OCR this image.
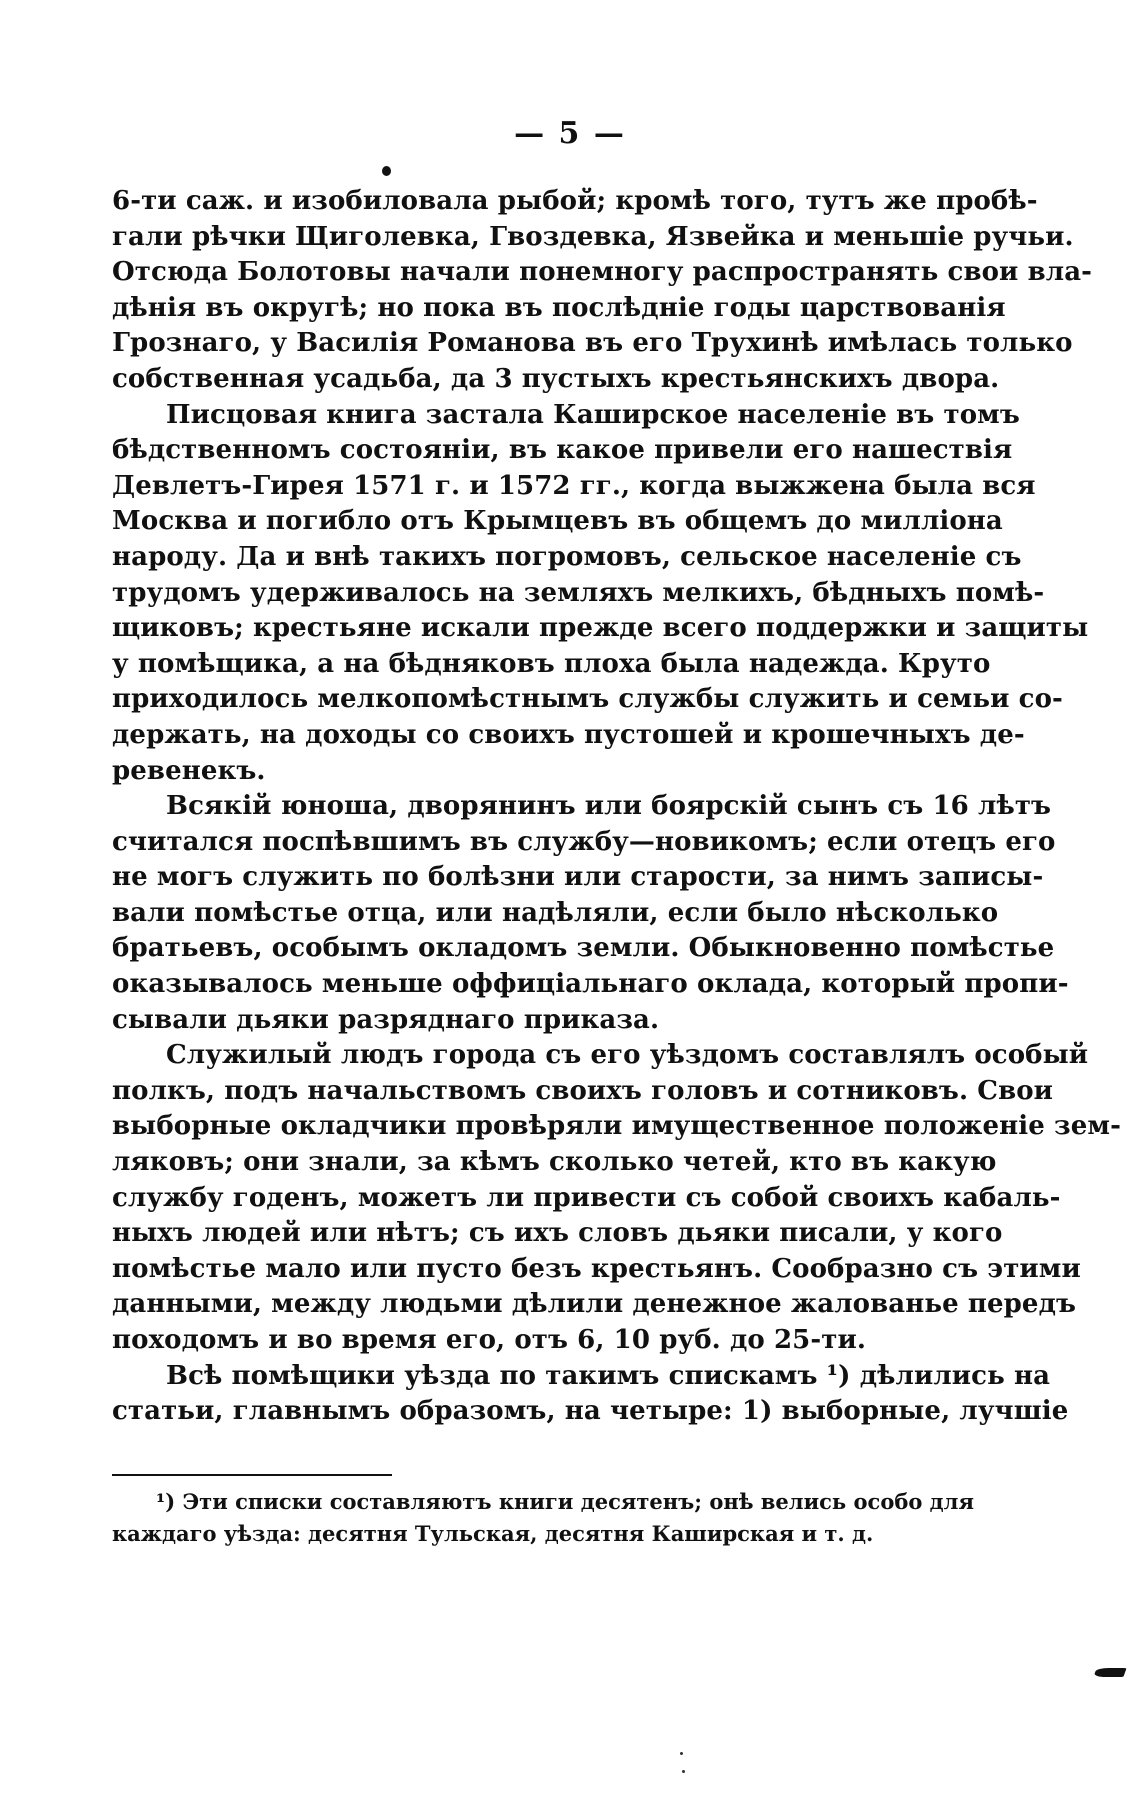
— 5 —
6-ти саж. и изобиловала рыбой; кромѣ того, тутъ же пробѣ-
гали рѣчки Щиголевка, Гвоздевка, Язвейка и меньшіе ручьи.
Отсюда Болотовы начали понемногу распространять свои вла-
дѣнія въ округѣ; но пока въ послѣдніе годы царствованія
Грознаго, у Василія Романова въ его Трухинѣ имѣлась только
собственная усадьба, да 3 пустыхъ крестьянскихъ двора.
Писцовая книга застала Каширское населеніе въ томъ
бѣдственномъ состояніи, въ какое привели его нашествія
Девлетъ-Гирея 1571 г. и 1572 гг., когда выжжена была вся
Москва и погибло отъ Крымцевъ въ общемъ до милліона
народу. Да и внѣ такихъ погромовъ, сельское населеніе съ
трудомъ удерживалось на земляхъ мелкихъ, бѣдныхъ помѣ-
щиковъ; крестьяне искали прежде всего поддержки и защиты
у помѣщика, а на бѣдняковъ плоха была надежда. Круто
приходилось мелкопомѣстнымъ службы служить и семьи со-
держать, на доходы со своихъ пустошей и крошечныхъ де-
ревенекъ.
Всякій юноша, дворянинъ или боярскій сынъ съ 16 лѣтъ
считался поспѣвшимъ въ службу—новикомъ; если отецъ его
не могъ служить по болѣзни или старости, за нимъ записы-
вали помѣстье отца, или надѣляли, если было нѣсколько
братьевъ, особымъ окладомъ земли. Обыкновенно помѣстье
оказывалось меньше оффиціальнаго оклада, который пропи-
сывали дьяки разряднаго приказа.
Служилый людъ города съ его уѣздомъ составлялъ особый
полкъ, подъ начальствомъ своихъ головъ и сотниковъ. Свои
выборные окладчики провѣряли имущественное положеніе зем-
ляковъ; они знали, за кѣмъ сколько четей, кто въ какую
службу годенъ, можетъ ли привести съ собой своихъ кабаль-
ныхъ людей или нѣтъ; съ ихъ словъ дьяки писали, у кого
помѣстье мало или пусто безъ крестьянъ. Сообразно съ этими
данными, между людьми дѣлили денежное жалованье передъ
походомъ и во время его, отъ 6, 10 руб. до 25-ти.
Всѣ помѣщики уѣзда по такимъ спискамъ ¹) дѣлились на
статьи, главнымъ образомъ, на четыре: 1) выборные, лучшіе
¹) Эти списки составляютъ книги десятенъ; онѣ велись особо для
каждаго уѣзда: десятня Тульская, десятня Каширская и т. д.
